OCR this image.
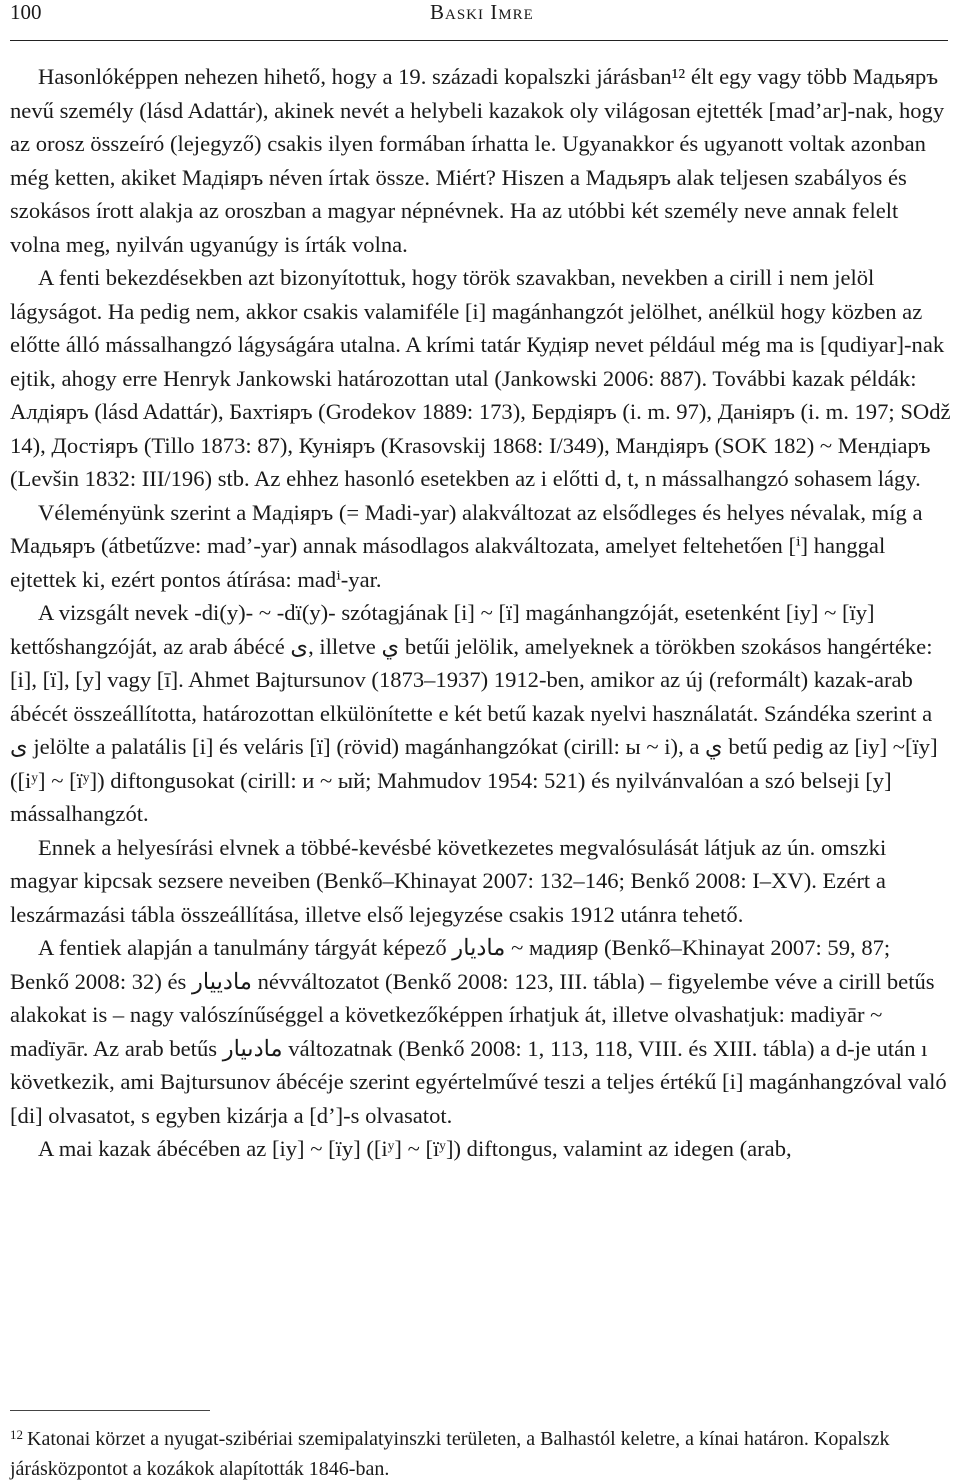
100	Baski Imre

Hasonlóképpen nehezen hihető, hogy a 19. századi kopalszki járásban¹² élt egy vagy több Мадьяръ nevű személy (lásd Adattár), akinek nevét a helybeli kazakok oly világosan ejtették [mad’ar]-nak, hogy az orosz összeíró (lejegyző) csakis ilyen formában írhatta le. Ugyanakkor és ugyanott voltak azonban még ketten, akiket Мадiяръ néven írtak össze. Miért? Hiszen a Мадьяръ alak teljesen szabályos és szokásos írott alakja az oroszban a magyar népnévnek. Ha az utóbbi két személy neve annak felelt volna meg, nyilván ugyanúgy is írták volna.

A fenti bekezdésekben azt bizonyítottuk, hogy török szavakban, nevekben a cirill i nem jelöl lágyságot. Ha pedig nem, akkor csakis valamiféle [i] magánhangzót jelölhet, anélkül hogy közben az előtte álló mássalhangzó lágyságára utalna. A krími tatár Кудiяр nevet például még ma is [qudiyar]-nak ejtik, ahogy erre Henryk Jankowski határozottan utal (Jankowski 2006: 887). További kazak példák: Алдiяръ (lásd Adattár), Бахтiяръ (Grodekov 1889: 173), Бердiяръ (i. m. 97), Данiяръ (i. m. 197; SOdž 14), Достiяръ (Tillo 1873: 87), Кунiяръ (Krasovskij 1868: I/349), Мандiяръ (SOK 182) ~ Мендiаръ (Levšin 1832: III/196) stb. Az ehhez hasonló esetekben az i előtti d, t, n mássalhangzó sohasem lágy.

Véleményünk szerint a Мадiяръ (= Madi-yar) alakváltozat az elsődleges és helyes névalak, míg a Мадьяръ (átbetűzve: mad’-yar) annak másodlagos alakváltozata, amelyet feltehetően [ⁱ] hanggal ejtettek ki, ezért pontos átírása: madⁱ-yar.

A vizsgált nevek -di(y)- ~ -dï(y)- szótagjának [i] ~ [ï] magánhangzóját, esetenként [iy] ~ [ïy] kettőshangzóját, az arab ábécé ى, illetve ي betűi jelölik, amelyeknek a törökben szokásos hangértéke: [i], [ï], [y] vagy [ī]. Ahmet Bajtursunov (1873–1937) 1912-ben, amikor az új (reformált) kazak-arab ábécét összeállította, határozottan elkülönítette e két betű kazak nyelvi használatát. Szándéka szerint a ى jelölte a palatális [i] és veláris [ï] (rövid) magánhangzókat (cirill: ы ~ i), a ي betű pedig az [iy] ~[ïy] ([iʸ] ~ [ïʸ]) diftongusokat (cirill: и ~ ый; Mahmudov 1954: 521) és nyilvánvalóan a szó belseji [y] mássalhangzót.

Ennek a helyesírási elvnek a többé-kevésbé következetes megvalósulását látjuk az ún. omszki magyar kipcsak sezsere neveiben (Benkő–Khinayat 2007: 132–146; Benkő 2008: I–XV). Ezért a leszármazási tábla összeállítása, illetve első lejegyzése csakis 1912 utánra tehető.

A fentiek alapján a tanulmány tárgyát képező مادیار ~ мадияр (Benkő–Khinayat 2007: 59, 87; Benkő 2008: 32) és مادییار névváltozatot (Benkő 2008: 123, III. tábla) – figyelembe véve a cirill betűs alakokat is – nagy valószínűséggel a következőképpen írhatjuk át, illetve olvashatjuk: madiyār ~ madïyār. Az arab betűs مادىيار változatnak (Benkő 2008: 1, 113, 118, VIII. és XIII. tábla) a d-je után ı következik, ami Bajtursunov ábécéje szerint egyértelművé teszi a teljes értékű [i] magánhangzóval való [di] olvasatot, s egyben kizárja a [d’]-s olvasatot.

A mai kazak ábécében az [iy] ~ [ïy] ([iʸ] ~ [ïʸ]) diftongus, valamint az idegen (arab,

$^{12}$ Katonai körzet a nyugat-szibériai szemipalatyinszki területen, a Balhastól keletre, a kínai határon. Kopalszk járásközpontot a kozákok alapították 1846-ban.
